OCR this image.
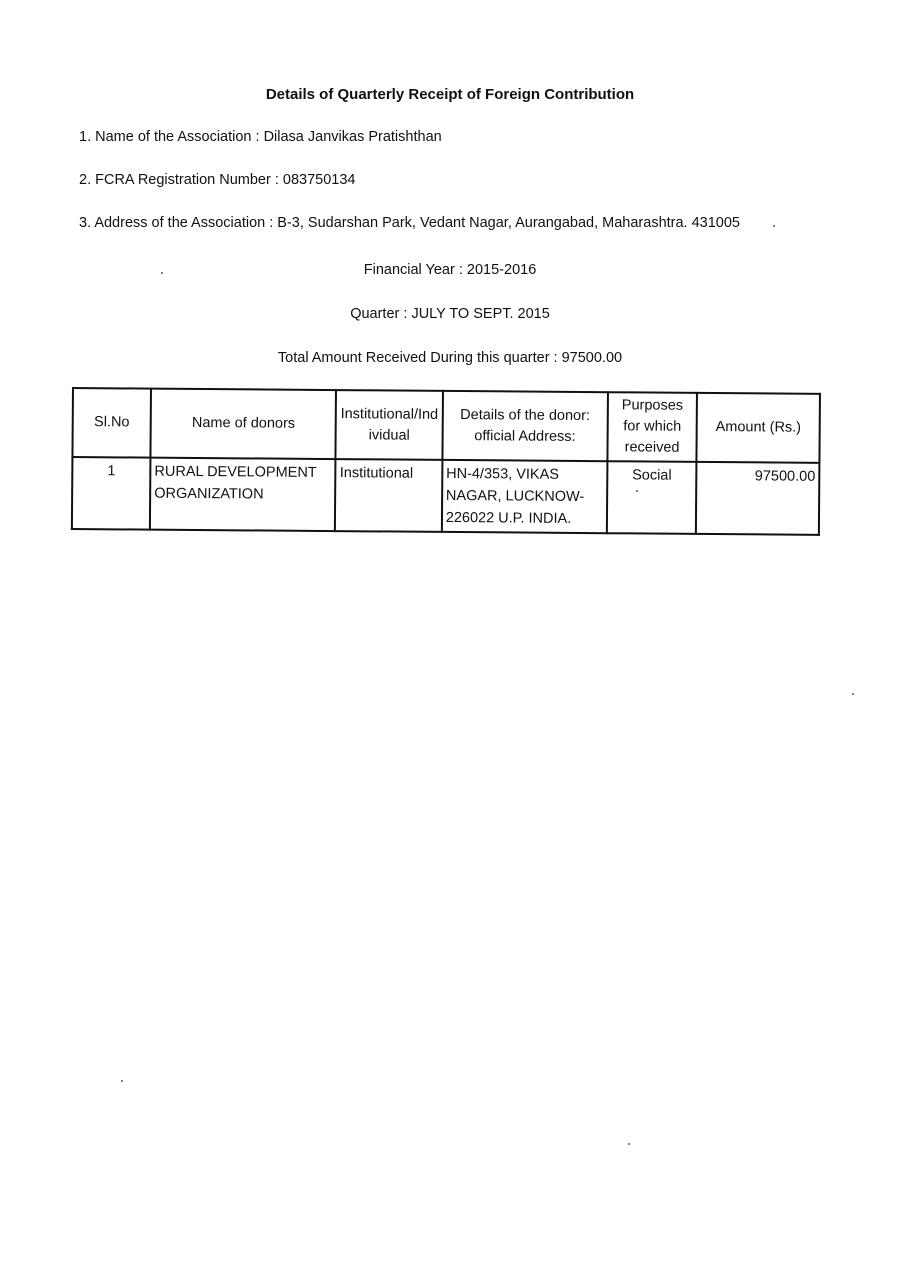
Details of Quarterly Receipt of Foreign Contribution
1. Name of the Association : Dilasa Janvikas Pratishthan
2. FCRA Registration Number : 083750134
3. Address of the Association : B-3, Sudarshan Park, Vedant Nagar, Aurangabad, Maharashtra. 431005
Financial Year : 2015-2016
Quarter : JULY TO SEPT. 2015
Total Amount Received During this quarter : 97500.00
Sl.No	Name of donors	Institutional/Individual	Details of the donor: official Address:	Purposes for which received	Amount (Rs.)
1	RURAL DEVELOPMENT ORGANIZATION	Institutional	HN-4/353, VIKAS NAGAR, LUCKNOW-226022 U.P. INDIA.	Social	97500.00
